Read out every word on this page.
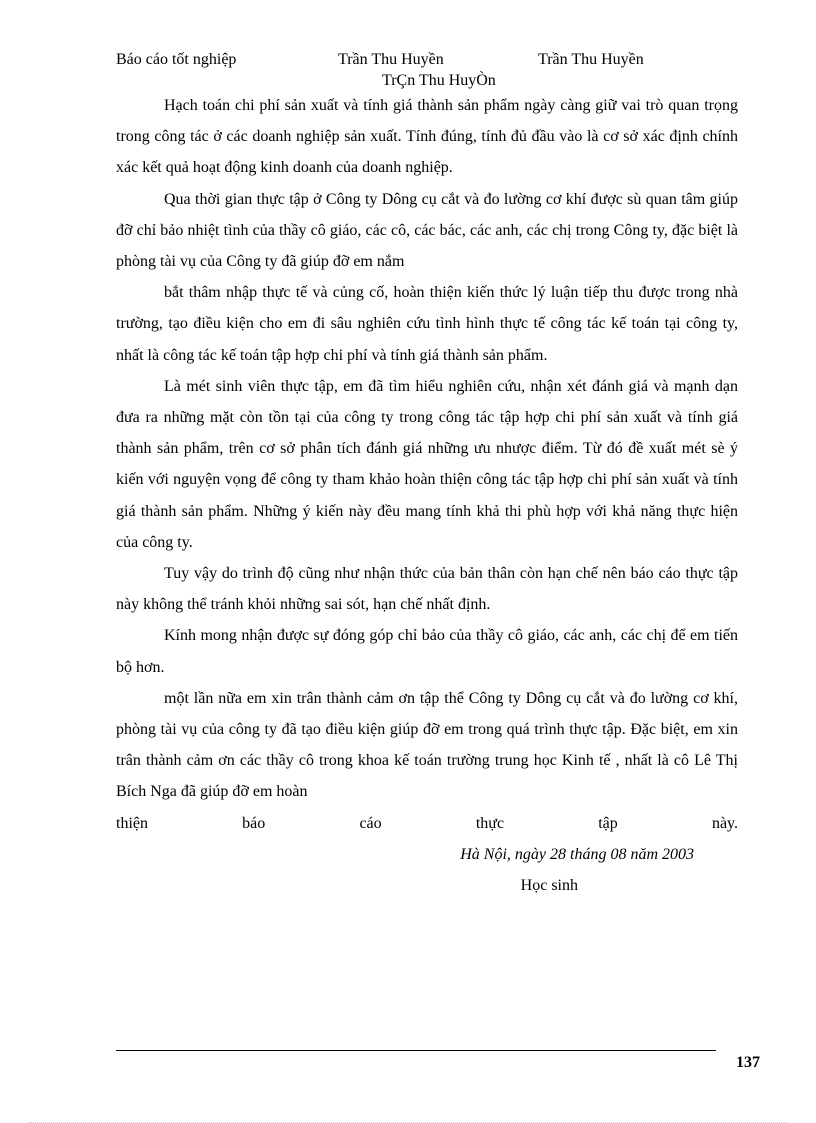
Báo cáo tốt nghiệp	Trần Thu Huyền	Trần Thu Huyền
TrÇn Thu HuyÒn

Hạch toán chi phí sản xuất và tính giá thành sản phẩm ngày càng giữ vai trò quan trọng trong công tác ở các doanh nghiệp sản xuất. Tính đúng, tính đủ đầu vào là cơ sở xác định chính xác kết quả hoạt động kinh doanh của doanh nghiệp.

Qua thời gian thực tập ở Công ty Dông cụ cắt và đo lường cơ khí được sù quan tâm giúp đỡ chỉ bảo nhiệt tình của thầy cô giáo, các cô, các bác, các anh, các chị trong Công ty, đặc biệt là phòng tài vụ của Công ty đã giúp đỡ em nắm

bắt thâm nhập thực tế và củng cố, hoàn thiện kiến thức lý luận tiếp thu được trong nhà trường, tạo điều kiện cho em đi sâu nghiên cứu tình hình thực tế công tác kế toán tại công ty, nhất là công tác kế toán tập hợp chi phí và tính giá thành sản phẩm.

Là mét sinh viên thực tập, em đã tìm hiểu nghiên cứu, nhận xét đánh giá và mạnh dạn đưa ra những mặt còn tồn tại của công ty trong công tác tập hợp chi phí sản xuất và tính giá thành sản phẩm, trên cơ sở phân tích đánh giá những ưu nhược điểm. Từ đó đề xuất mét sè ý kiến với nguyện vọng để công ty tham khảo hoàn thiện công tác tập hợp chi phí sản xuất và tính giá thành sản phẩm. Những ý kiến này đều mang tính khả thi phù hợp với khả năng thực hiện của công ty.

Tuy vậy do trình độ cũng như nhận thức của bản thân còn hạn chế nên báo cáo thực tập này không thể tránh khỏi những sai sót, hạn chế nhất định.

Kính mong nhận được sự đóng góp chỉ bảo của thầy cô giáo, các anh, các chị để em tiến bộ hơn.

một lần nữa em xin trân thành cảm ơn tập thể Công ty Dông cụ cắt và đo lường cơ khí, phòng tài vụ của công ty đã tạo điều kiện giúp đỡ em trong quá trình thực tập. Đặc biệt, em xin trân thành cảm ơn các thầy cô trong khoa kế toán trường trung học Kinh tế , nhất là cô Lê Thị Bích Nga đã giúp đỡ em hoàn

thiện báo cáo thực tập này.

Hà Nội, ngày 28 tháng 08 năm 2003

Học sinh

137
